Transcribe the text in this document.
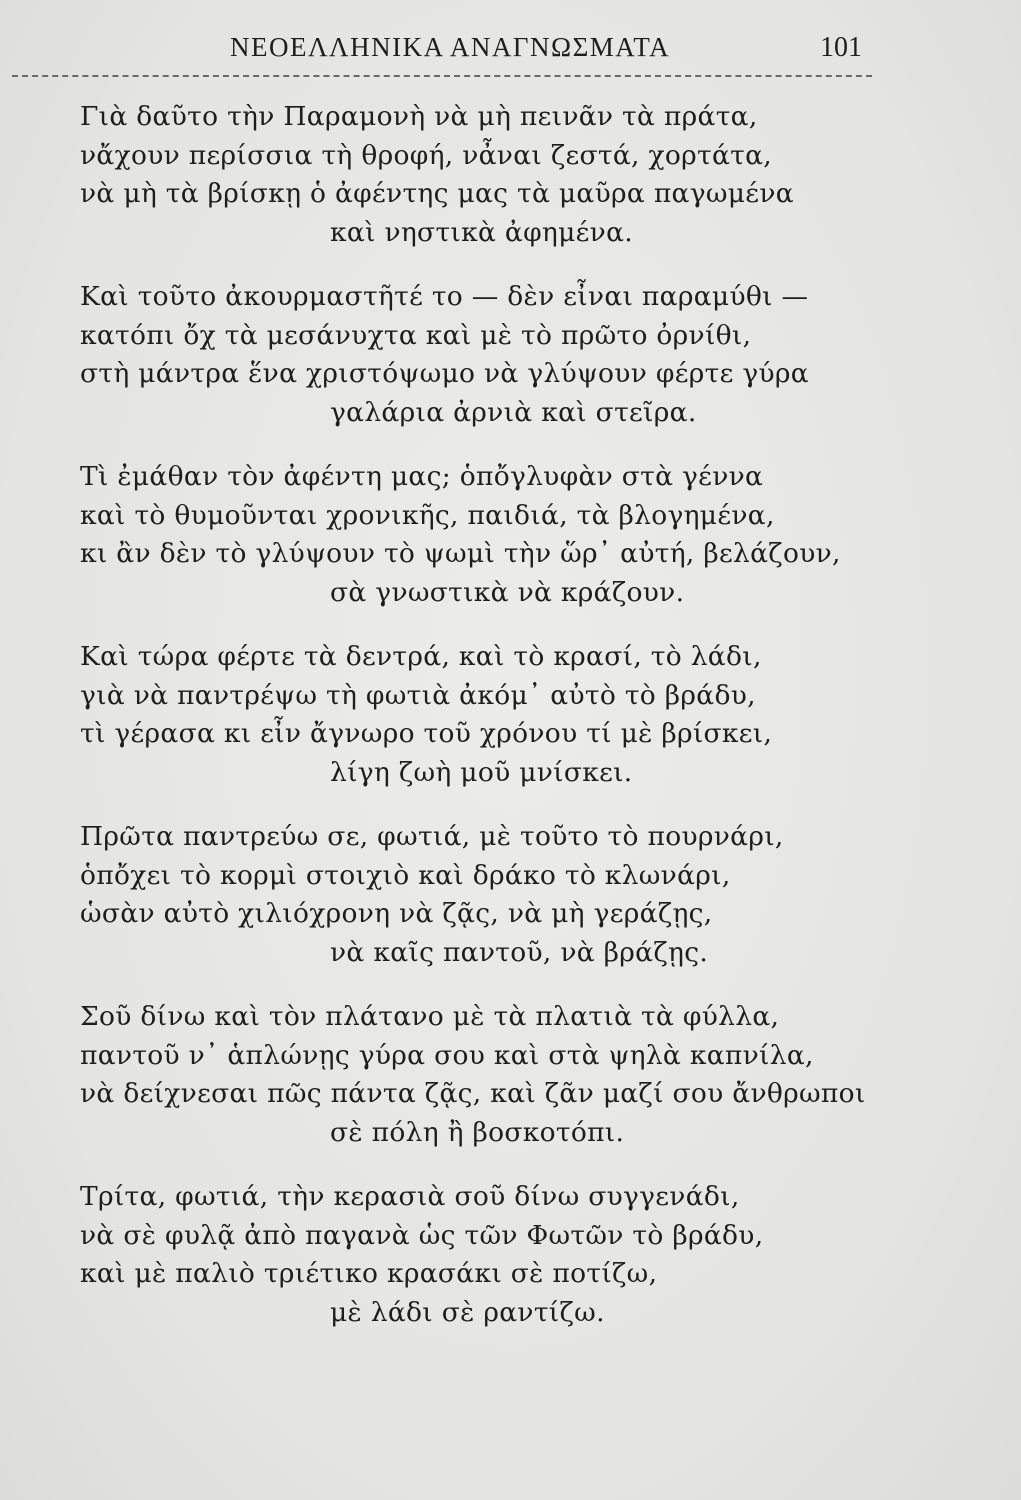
ΝΕΟΕΛΛΗΝΙΚΑ ΑΝΑΓΝΩΣΜΑΤΑ	101
Γιὰ δαῦτο τὴν Παραμονὴ νὰ μὴ πεινᾶν τὰ πράτα,
νἄχουν περίσσια τὴ θροφή, νἆναι ζεστά, χορτάτα,
νὰ μὴ τὰ βρίσκῃ ὁ ἀφέντης μας τὰ μαῦρα παγωμένα
καὶ νηστικὰ ἀφημένα.
Καὶ τοῦτο ἀκουρμαστῆτέ το — δὲν εἶναι παραμύθι —
κατόπι ὄχ τὰ μεσάνυχτα καὶ μὲ τὸ πρῶτο ὀρνίθι,
στὴ μάντρα ἕνα χριστόψωμο νὰ γλύψουν φέρτε γύρα
γαλάρια ἀρνιὰ καὶ στεῖρα.
Τὶ ἐμάθαν τὸν ἀφέντη μας; ὁπὄγλυφὰν στὰ γέννα
καὶ τὸ θυμοῦνται χρονικῆς, παιδιά, τὰ βλογημένα,
κι ἂν δὲν τὸ γλύψουν τὸ ψωμὶ τὴν ὥρ᾽ αὐτή, βελάζουν,
σὰ γνωστικὰ νὰ κράζουν.
Καὶ τώρα φέρτε τὰ δεντρά, καὶ τὸ κρασί, τὸ λάδι,
γιὰ νὰ παντρέψω τὴ φωτιὰ ἀκόμ᾽ αὐτὸ τὸ βράδυ,
τὶ γέρασα κι εἶν ἄγνωρο τοῦ χρόνου τί μὲ βρίσκει,
λίγη ζωὴ μοῦ μνίσκει.
Πρῶτα παντρεύω σε, φωτιά, μὲ τοῦτο τὸ πουρνάρι,
ὁπὄχει τὸ κορμὶ στοιχιὸ καὶ δράκο τὸ κλωνάρι,
ὡσὰν αὐτὸ χιλιόχρονη νὰ ζᾷς, νὰ μὴ γεράζῃς,
νὰ καῖς παντοῦ, νὰ βράζῃς.
Σοῦ δίνω καὶ τὸν πλάτανο μὲ τὰ πλατιὰ τὰ φύλλα,
παντοῦ ν᾽ ἁπλώνῃς γύρα σου καὶ στὰ ψηλὰ καπνίλα,
νὰ δείχνεσαι πῶς πάντα ζᾷς, καὶ ζᾶν μαζί σου ἄνθρωποι
σὲ πόλη ἢ βοσκοτόπι.
Τρίτα, φωτιά, τὴν κερασιὰ σοῦ δίνω συγγενάδι,
νὰ σὲ φυλᾷ ἀπὸ παγανὰ ὡς τῶν Φωτῶν τὸ βράδυ,
καὶ μὲ παλιὸ τριέτικο κρασάκι σὲ ποτίζω,
μὲ λάδι σὲ ραντίζω.
